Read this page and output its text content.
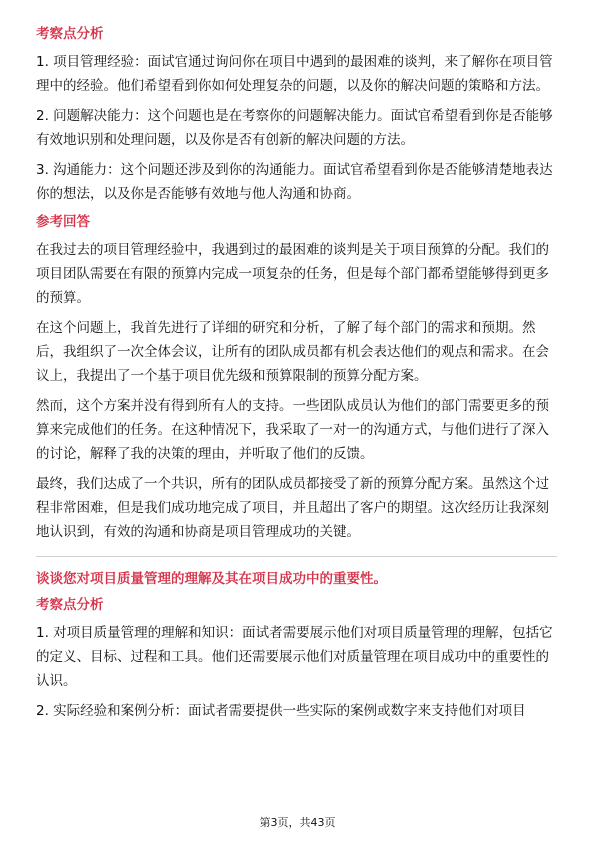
考察点分析

1. 项目管理经验：面试官通过询问你在项目中遇到的最困难的谈判，来了解你在项目管理中的经验。他们希望看到你如何处理复杂的问题，以及你的解决问题的策略和方法。

2. 问题解决能力：这个问题也是在考察你的问题解决能力。面试官希望看到你是否能够有效地识别和处理问题，以及你是否有创新的解决问题的方法。

3. 沟通能力：这个问题还涉及到你的沟通能力。面试官希望看到你是否能够清楚地表达你的想法，以及你是否能够有效地与他人沟通和协商。

参考回答

在我过去的项目管理经验中，我遇到过的最困难的谈判是关于项目预算的分配。我们的项目团队需要在有限的预算内完成一项复杂的任务，但是每个部门都希望能够得到更多的预算。

在这个问题上，我首先进行了详细的研究和分析，了解了每个部门的需求和预期。然后，我组织了一次全体会议，让所有的团队成员都有机会表达他们的观点和需求。在会议上，我提出了一个基于项目优先级和预算限制的预算分配方案。

然而，这个方案并没有得到所有人的支持。一些团队成员认为他们的部门需要更多的预算来完成他们的任务。在这种情况下，我采取了一对一的沟通方式，与他们进行了深入的讨论，解释了我的决策的理由，并听取了他们的反馈。

最终，我们达成了一个共识，所有的团队成员都接受了新的预算分配方案。虽然这个过程非常困难，但是我们成功地完成了项目，并且超出了客户的期望。这次经历让我深刻地认识到，有效的沟通和协商是项目管理成功的关键。

谈谈您对项目质量管理的理解及其在项目成功中的重要性。
考察点分析

1. 对项目质量管理的理解和知识：面试者需要展示他们对项目质量管理的理解，包括它的定义、目标、过程和工具。他们还需要展示他们对质量管理在项目成功中的重要性的认识。

2. 实际经验和案例分析：面试者需要提供一些实际的案例或数字来支持他们对项目

第3页，共43页
